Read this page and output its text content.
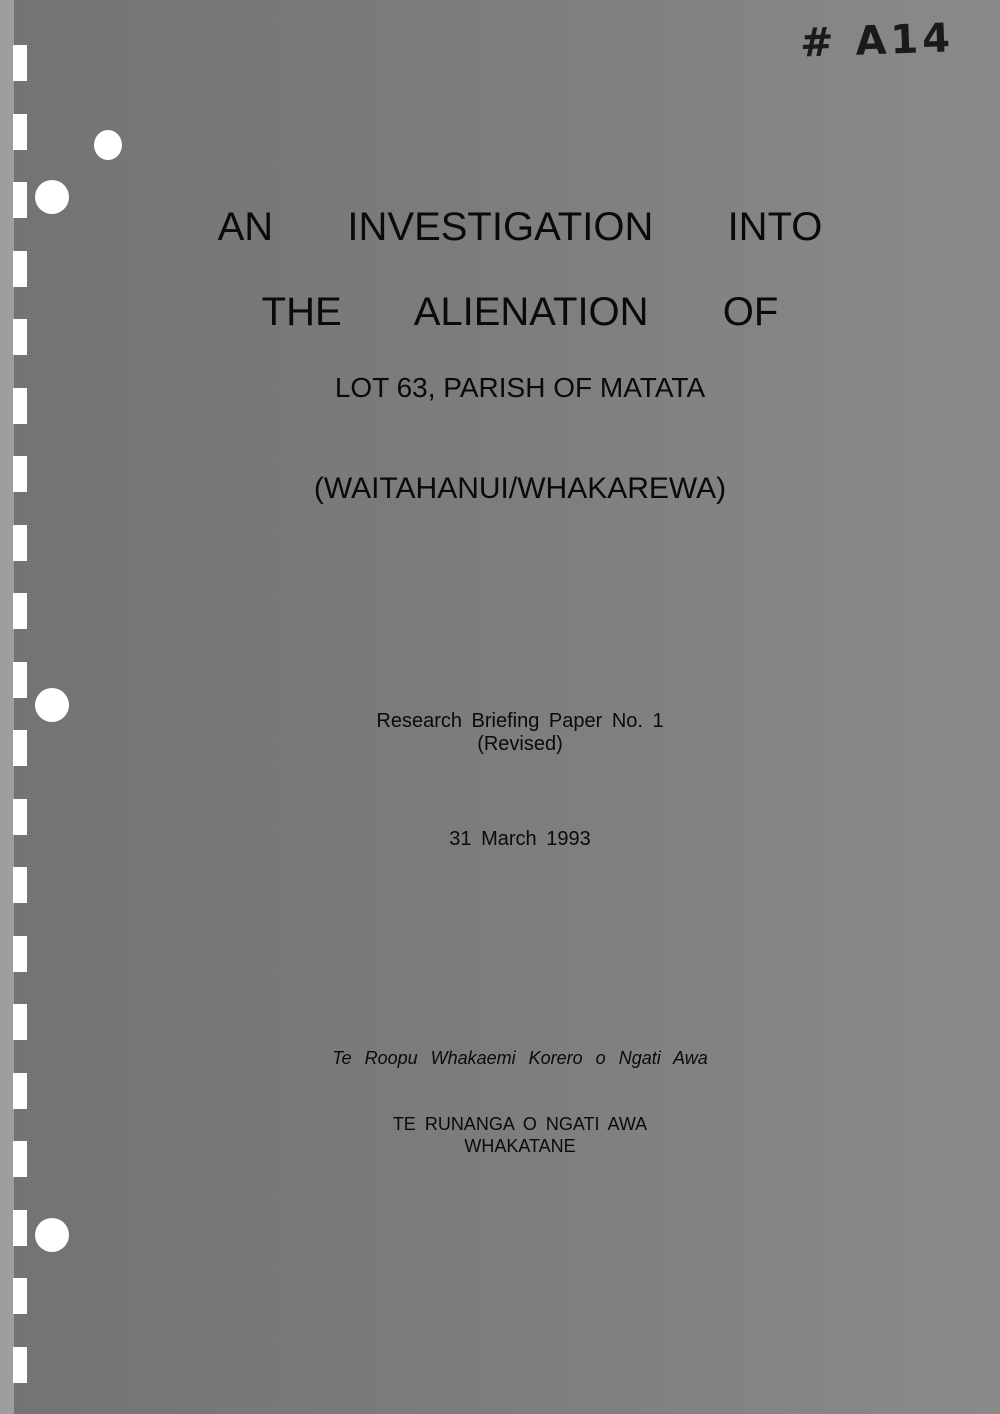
# A14
AN  INVESTIGATION  INTO
THE  ALIENATION  OF
LOT 63, PARISH OF MATATA
(WAITAHANUI/WHAKAREWA)
Research Briefing Paper No. 1
(Revised)
31 March 1993
Te Roopu Whakaemi Korero o Ngati Awa
TE RUNANGA O NGATI AWA
WHAKATANE
